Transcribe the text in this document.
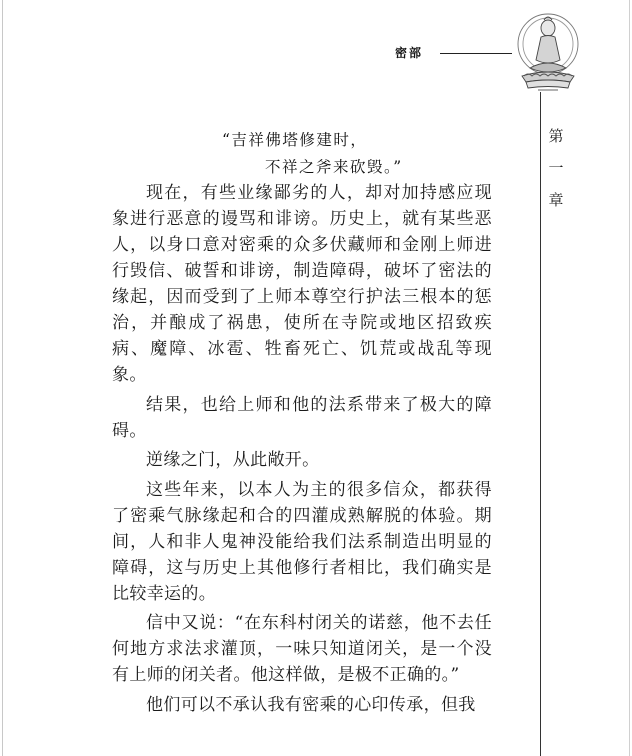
密部
第
一
章
“吉祥佛塔修建时，
不祥之斧来砍毁。”

现在，有些业缘鄙劣的人，却对加持感应现象进行恶意的谩骂和诽谤。历史上，就有某些恶人，以身口意对密乘的众多伏藏师和金刚上师进行毁信、破誓和诽谤，制造障碍，破坏了密法的缘起，因而受到了上师本尊空行护法三根本的惩治，并酿成了祸患，使所在寺院或地区招致疾病、魔障、冰雹、牲畜死亡、饥荒或战乱等现象。

结果，也给上师和他的法系带来了极大的障碍。

逆缘之门，从此敞开。

这些年来，以本人为主的很多信众，都获得了密乘气脉缘起和合的四灌成熟解脱的体验。期间，人和非人鬼神没能给我们法系制造出明显的障碍，这与历史上其他修行者相比，我们确实是比较幸运的。

信中又说：“在东科村闭关的诺慈，他不去任何地方求法求灌顶，一味只知道闭关，是一个没有上师的闭关者。他这样做，是极不正确的。”

他们可以不承认我有密乘的心印传承，但我
